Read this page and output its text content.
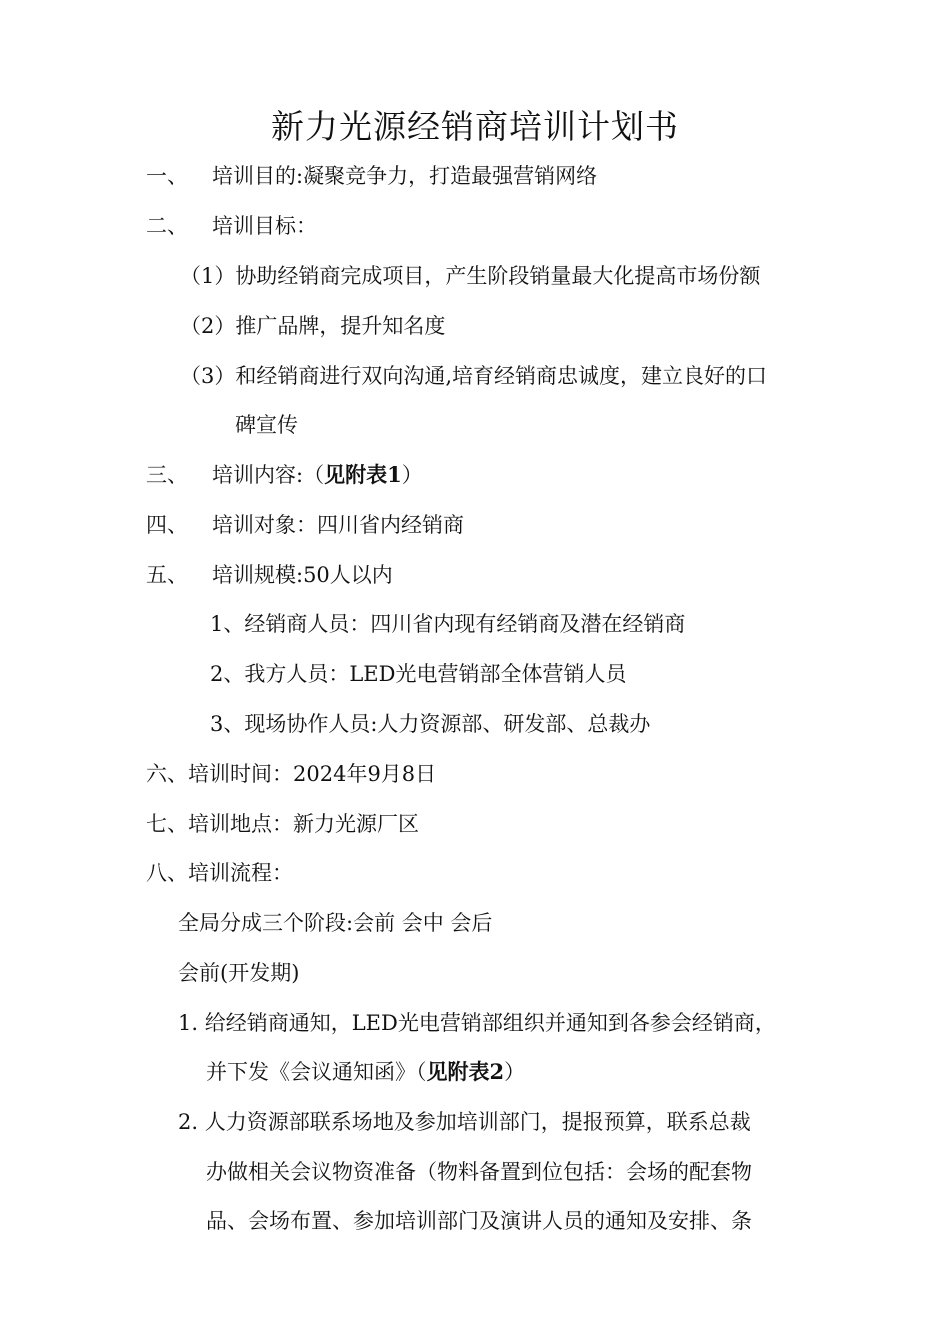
新力光源经销商培训计划书
一、 培训目的:凝聚竞争力，打造最强营销网络
二、 培训目标：
（1）协助经销商完成项目，产生阶段销量最大化提高市场份额
（2）推广品牌，提升知名度
（3）和经销商进行双向沟通,培育经销商忠诚度，建立良好的口
碑宣传
三、 培训内容:（见附表1）
四、 培训对象：四川省内经销商
五、 培训规模:50人以内
1、经销商人员：四川省内现有经销商及潜在经销商
2、我方人员：LED光电营销部全体营销人员
3、现场协作人员:人力资源部、研发部、总裁办
六、培训时间：2024年9月8日
七、培训地点：新力光源厂区
八、培训流程：
全局分成三个阶段:会前 会中 会后
会前(开发期)
1. 给经销商通知，LED光电营销部组织并通知到各参会经销商，
并下发《会议通知函》（见附表2）
2. 人力资源部联系场地及参加培训部门，提报预算，联系总裁
办做相关会议物资准备（物料备置到位包括：会场的配套物
品、会场布置、参加培训部门及演讲人员的通知及安排、条
